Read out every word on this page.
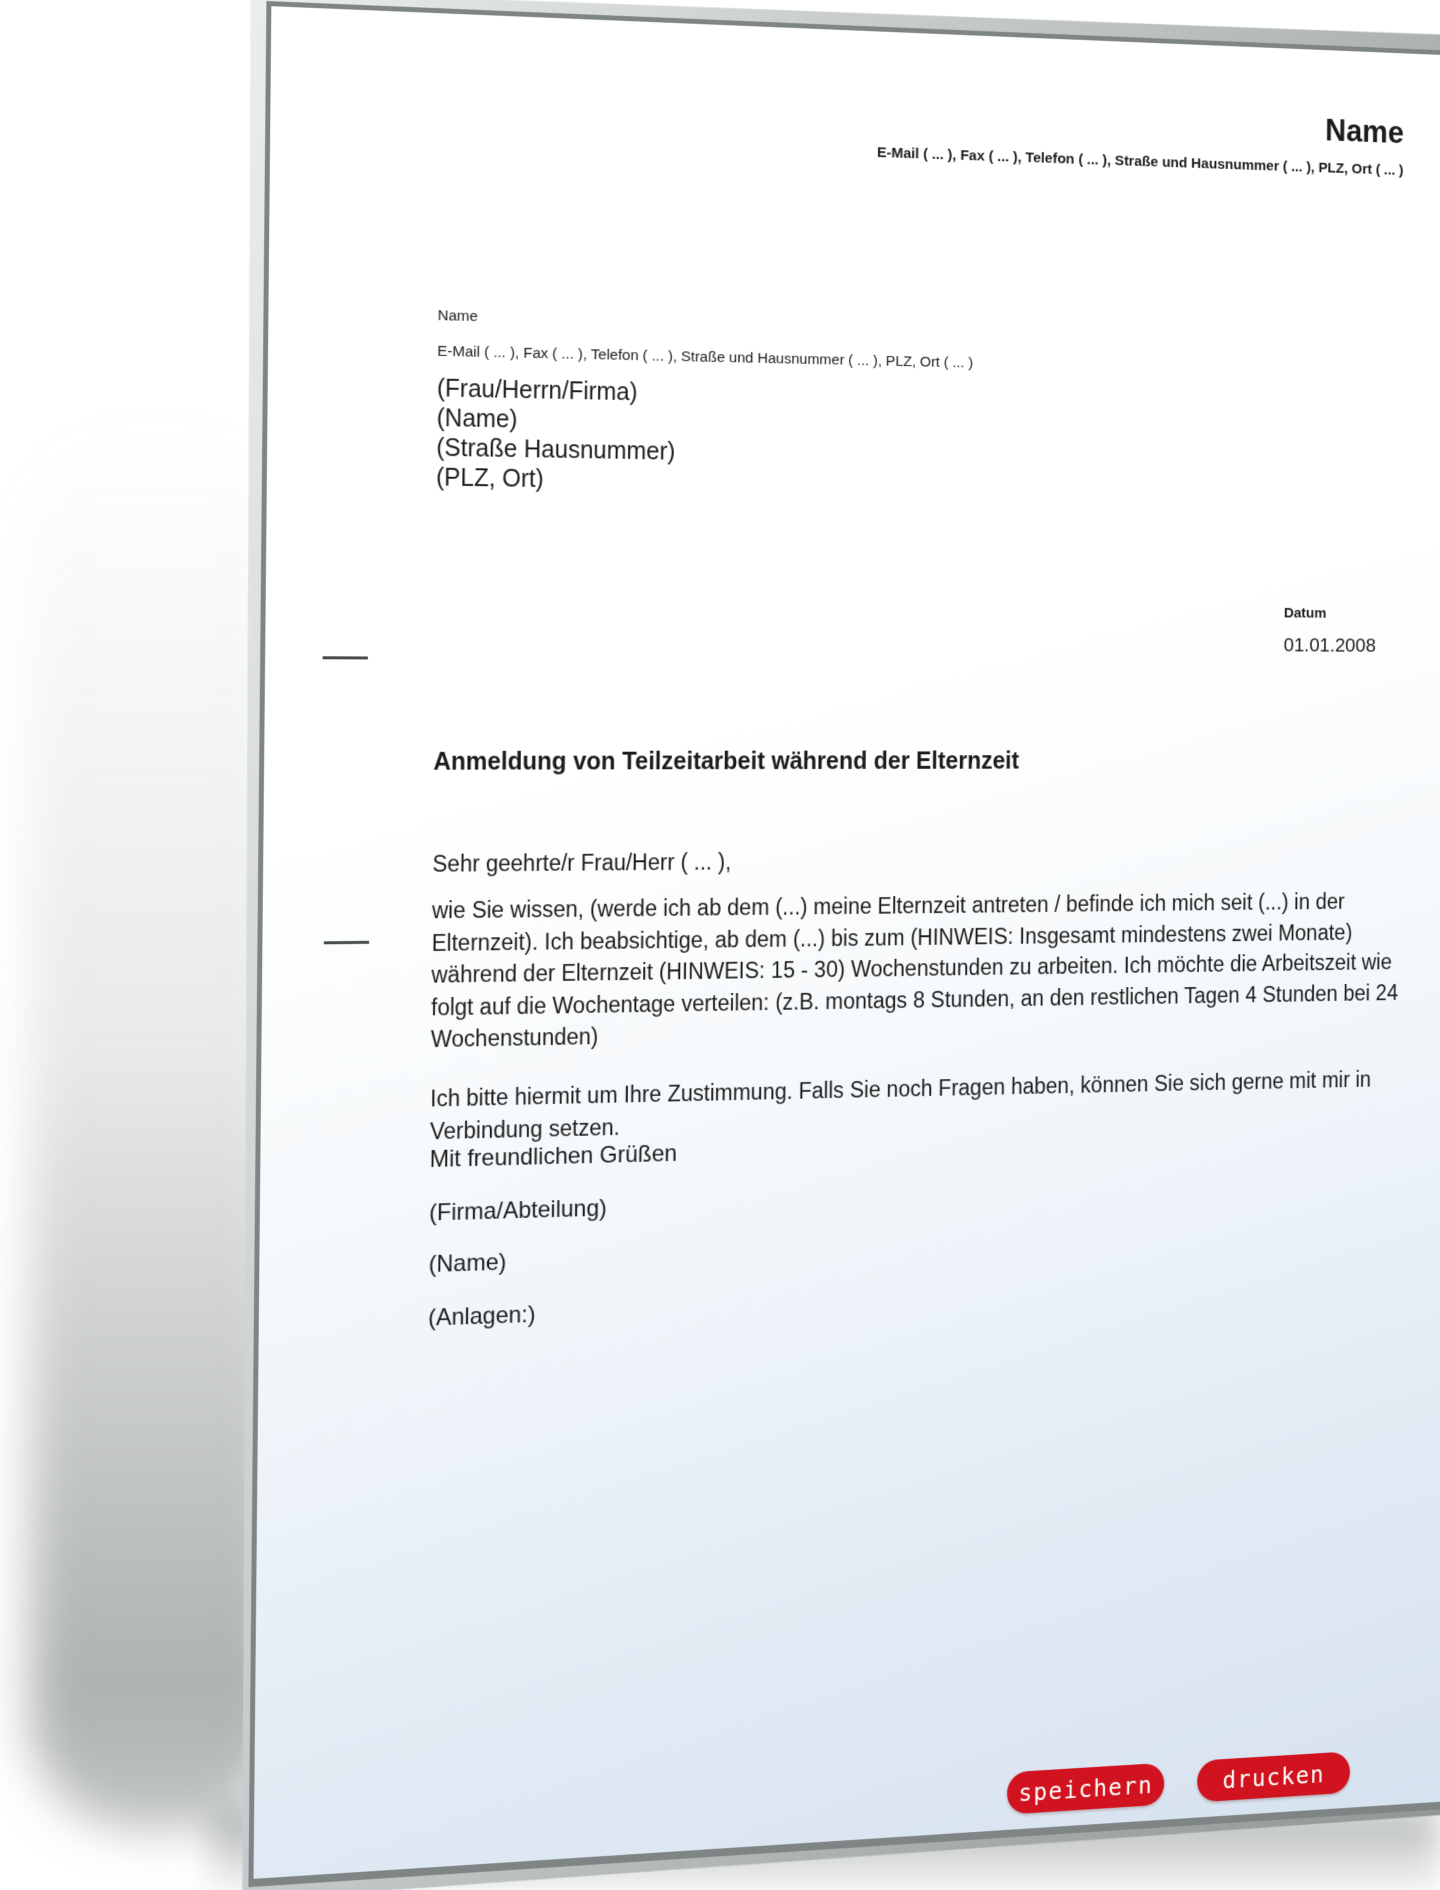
Name
E-Mail ( ... ), Fax ( ... ), Telefon ( ... ), Straße und Hausnummer ( ... ), PLZ, Ort ( ... )
Name
E-Mail ( ... ), Fax ( ... ), Telefon ( ... ), Straße und Hausnummer ( ... ), PLZ, Ort ( ... )
(Frau/Herrn/Firma)
(Name)
(Straße Hausnummer)
(PLZ, Ort)
Datum
01.01.2008
Anmeldung von Teilzeitarbeit während der Elternzeit
Sehr geehrte/r Frau/Herr ( ... ),
wie Sie wissen, (werde ich ab dem (...) meine Elternzeit antreten / befinde ich mich seit (...) in der
Elternzeit). Ich beabsichtige, ab dem (...) bis zum (HINWEIS: Insgesamt mindestens zwei Monate)
während der Elternzeit (HINWEIS: 15 - 30) Wochenstunden zu arbeiten. Ich möchte die Arbeitszeit wie
folgt auf die Wochentage verteilen: (z.B. montags 8 Stunden, an den restlichen Tagen 4 Stunden bei 24
Wochenstunden)
Ich bitte hiermit um Ihre Zustimmung. Falls Sie noch Fragen haben, können Sie sich gerne mit mir in
Verbindung setzen.
Mit freundlichen Grüßen
(Firma/Abteilung)
(Name)
(Anlagen:)
speichern	drucken
